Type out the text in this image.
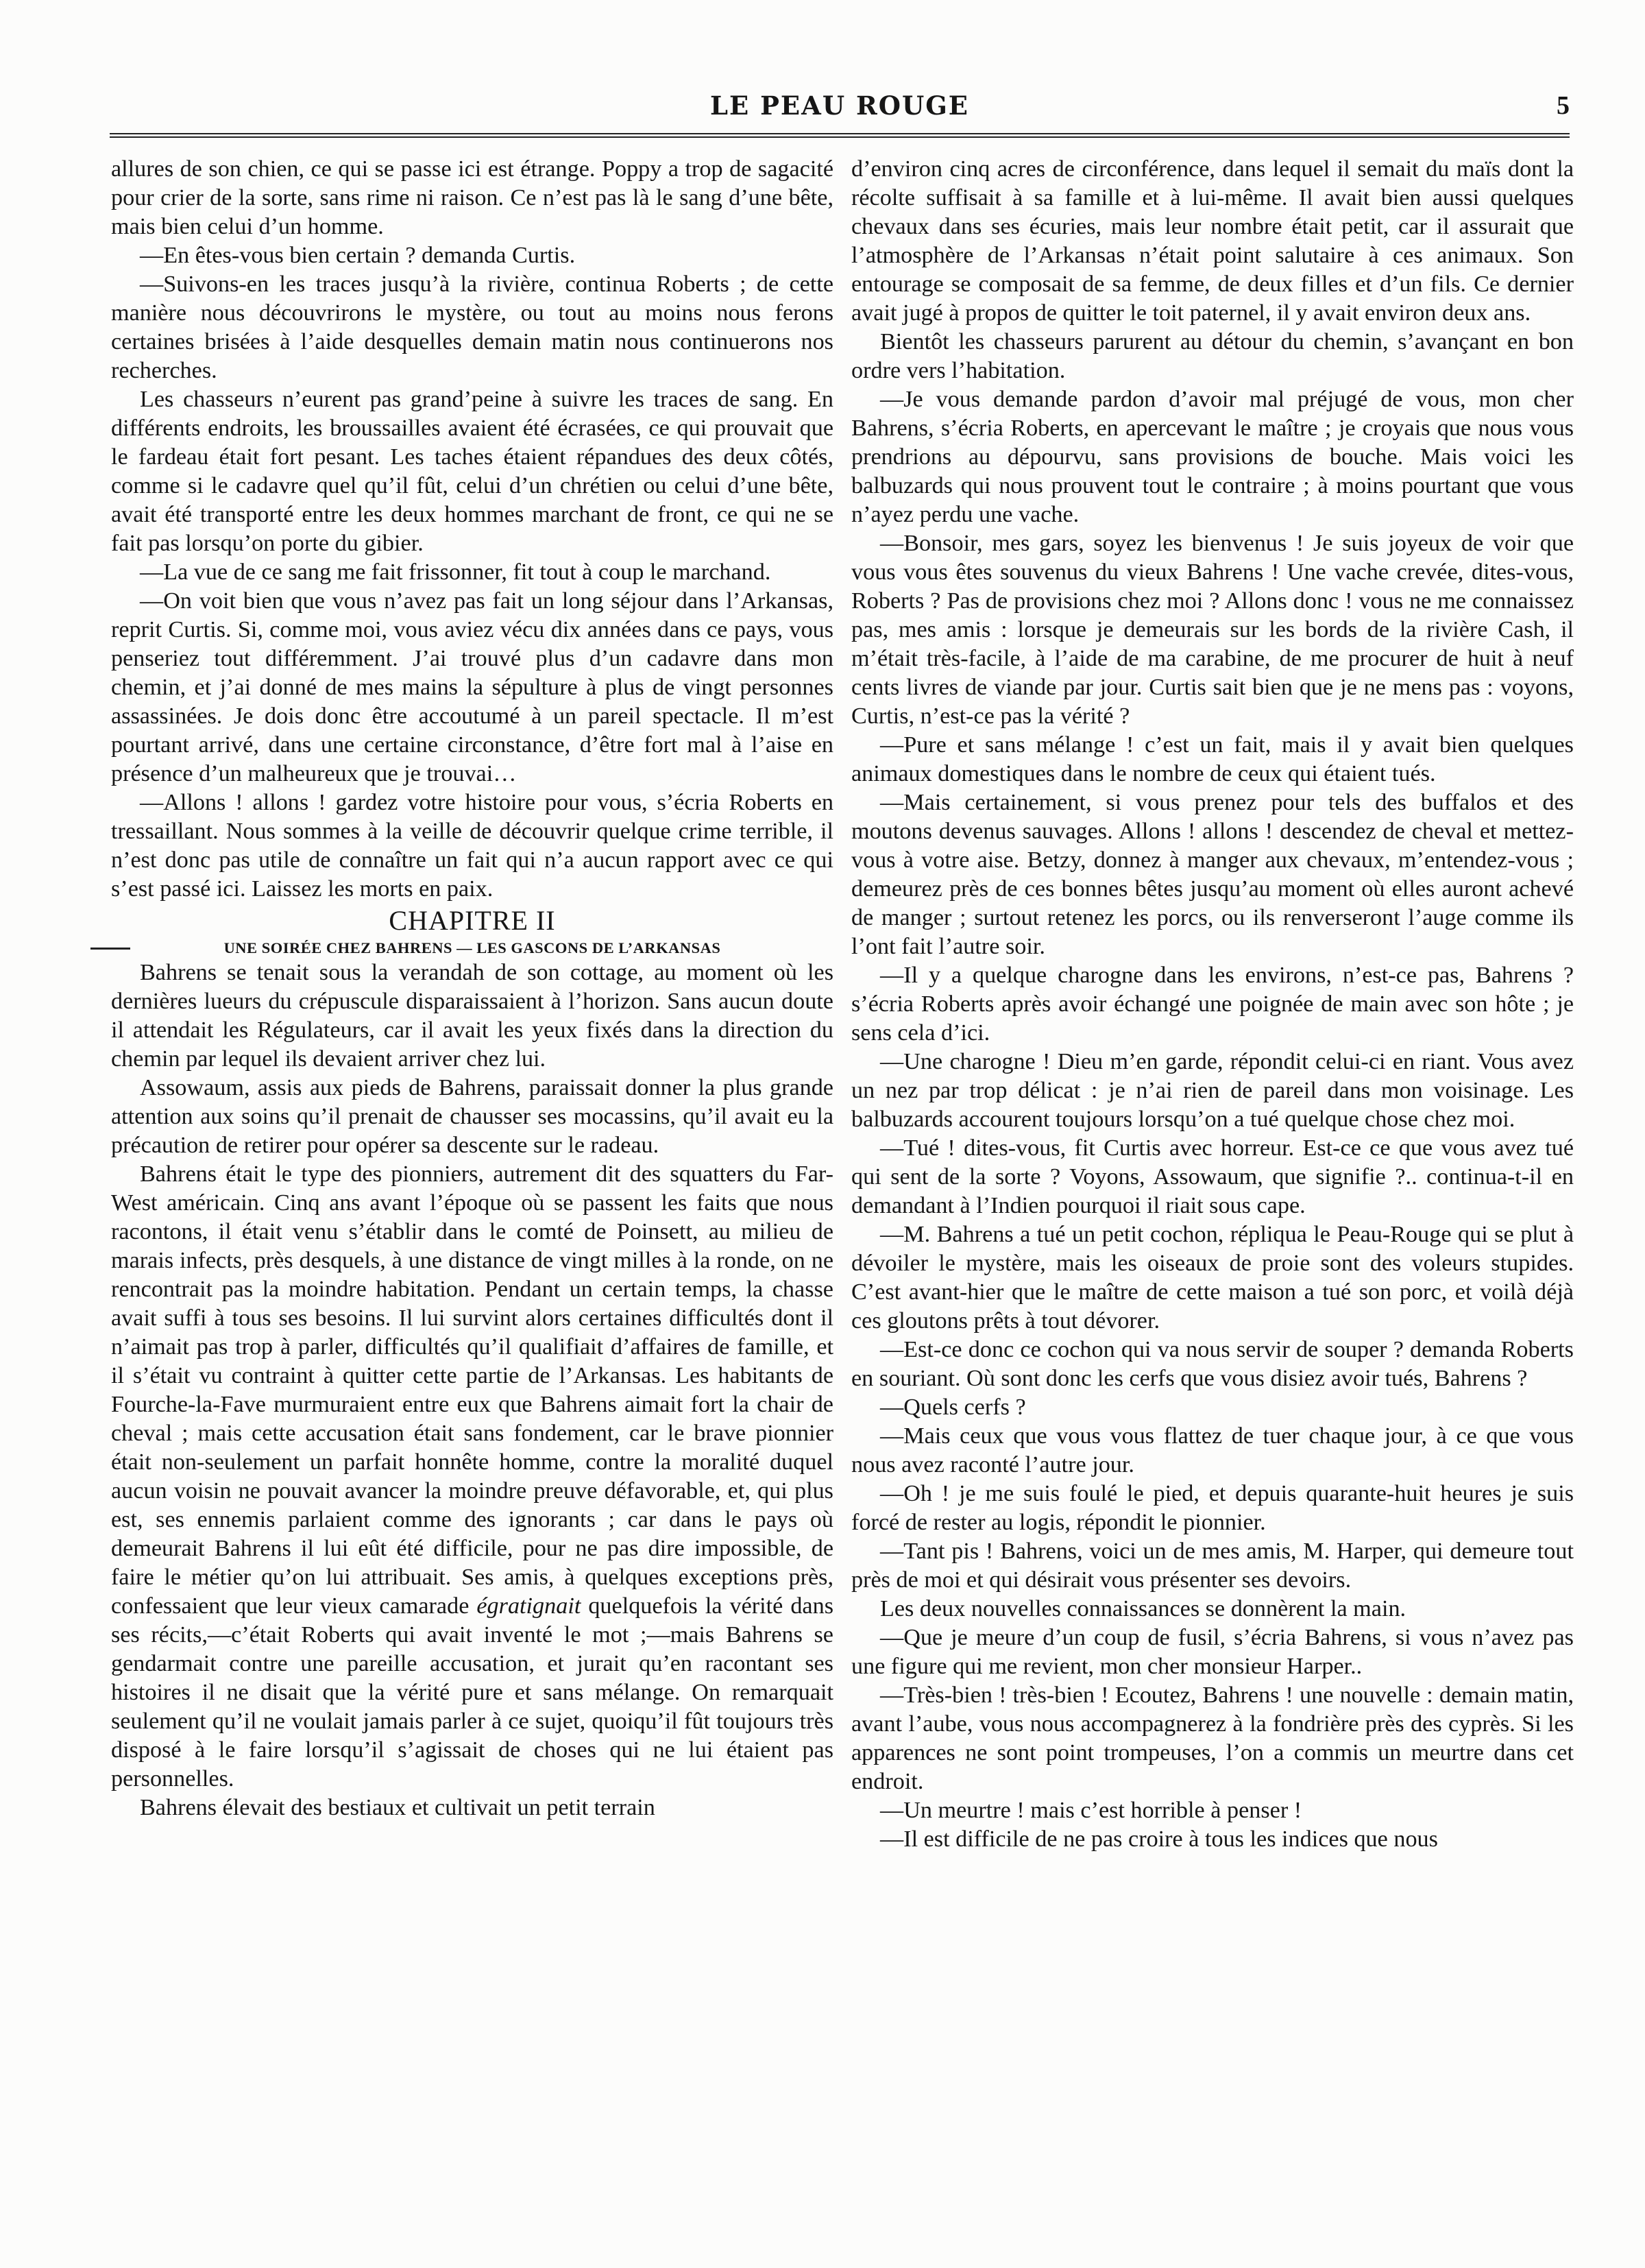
LE PEAU ROUGE	5

allures de son chien, ce qui se passe ici est étrange. Poppy a trop de sagacité pour crier de la sorte, sans rime ni raison. Ce n’est pas là le sang d’une bête, mais bien celui d’un homme.

—En êtes-vous bien certain ? demanda Curtis.

—Suivons-en les traces jusqu’à la rivière, continua Roberts ; de cette manière nous découvrirons le mystère, ou tout au moins nous ferons certaines brisées à l’aide desquelles demain matin nous continuerons nos recherches.

Les chasseurs n’eurent pas grand’peine à suivre les traces de sang. En différents endroits, les broussailles avaient été écrasées, ce qui prouvait que le fardeau était fort pesant. Les taches étaient répandues des deux côtés, comme si le cadavre quel qu’il fût, celui d’un chrétien ou celui d’une bête, avait été transporté entre les deux hommes marchant de front, ce qui ne se fait pas lorsqu’on porte du gibier.

—La vue de ce sang me fait frissonner, fit tout à coup le marchand.

—On voit bien que vous n’avez pas fait un long séjour dans l’Arkansas, reprit Curtis. Si, comme moi, vous aviez vécu dix années dans ce pays, vous penseriez tout différemment. J’ai trouvé plus d’un cadavre dans mon chemin, et j’ai donné de mes mains la sépulture à plus de vingt personnes assassinées. Je dois donc être accoutumé à un pareil spectacle. Il m’est pourtant arrivé, dans une certaine circonstance, d’être fort mal à l’aise en présence d’un malheureux que je trouvai…

—Allons ! allons ! gardez votre histoire pour vous, s’écria Roberts en tressaillant. Nous sommes à la veille de découvrir quelque crime terrible, il n’est donc pas utile de connaître un fait qui n’a aucun rapport avec ce qui s’est passé ici. Laissez les morts en paix.

CHAPITRE II

UNE SOIRÉE CHEZ BAHRENS — LES GASCONS DE L’ARKANSAS

Bahrens se tenait sous la verandah de son cottage, au moment où les dernières lueurs du crépuscule disparaissaient à l’horizon. Sans aucun doute il attendait les Régulateurs, car il avait les yeux fixés dans la direction du chemin par lequel ils devaient arriver chez lui.

Assowaum, assis aux pieds de Bahrens, paraissait donner la plus grande attention aux soins qu’il prenait de chausser ses mocassins, qu’il avait eu la précaution de retirer pour opérer sa descente sur le radeau.

Bahrens était le type des pionniers, autrement dit des squatters du Far-West américain. Cinq ans avant l’époque où se passent les faits que nous racontons, il était venu s’établir dans le comté de Poinsett, au milieu de marais infects, près desquels, à une distance de vingt milles à la ronde, on ne rencontrait pas la moindre habitation. Pendant un certain temps, la chasse avait suffi à tous ses besoins. Il lui survint alors certaines difficultés dont il n’aimait pas trop à parler, difficultés qu’il qualifiait d’affaires de famille, et il s’était vu contraint à quitter cette partie de l’Arkansas. Les habitants de Fourche-la-Fave murmuraient entre eux que Bahrens aimait fort la chair de cheval ; mais cette accusation était sans fondement, car le brave pionnier était non-seulement un parfait honnête homme, contre la moralité duquel aucun voisin ne pouvait avancer la moindre preuve défavorable, et, qui plus est, ses ennemis parlaient comme des ignorants ; car dans le pays où demeurait Bahrens il lui eût été difficile, pour ne pas dire impossible, de faire le métier qu’on lui attribuait. Ses amis, à quelques exceptions près, confessaient que leur vieux camarade égratignait quelquefois la vérité dans ses récits,—c’était Roberts qui avait inventé le mot ;—mais Bahrens se gendarmait contre une pareille accusation, et jurait qu’en racontant ses histoires il ne disait que la vérité pure et sans mélange. On remarquait seulement qu’il ne voulait jamais parler à ce sujet, quoiqu’il fût toujours très disposé à le faire lorsqu’il s’agissait de choses qui ne lui étaient pas personnelles.

Bahrens élevait des bestiaux et cultivait un petit terrain

d’environ cinq acres de circonférence, dans lequel il semait du maïs dont la récolte suffisait à sa famille et à lui-même. Il avait bien aussi quelques chevaux dans ses écuries, mais leur nombre était petit, car il assurait que l’atmosphère de l’Arkansas n’était point salutaire à ces animaux. Son entourage se composait de sa femme, de deux filles et d’un fils. Ce dernier avait jugé à propos de quitter le toit paternel, il y avait environ deux ans.

Bientôt les chasseurs parurent au détour du chemin, s’avançant en bon ordre vers l’habitation.

—Je vous demande pardon d’avoir mal préjugé de vous, mon cher Bahrens, s’écria Roberts, en apercevant le maître ; je croyais que nous vous prendrions au dépourvu, sans provisions de bouche. Mais voici les balbuzards qui nous prouvent tout le contraire ; à moins pourtant que vous n’ayez perdu une vache.

—Bonsoir, mes gars, soyez les bienvenus ! Je suis joyeux de voir que vous vous êtes souvenus du vieux Bahrens ! Une vache crevée, dites-vous, Roberts ? Pas de provisions chez moi ? Allons donc ! vous ne me connaissez pas, mes amis : lorsque je demeurais sur les bords de la rivière Cash, il m’était très-facile, à l’aide de ma carabine, de me procurer de huit à neuf cents livres de viande par jour. Curtis sait bien que je ne mens pas : voyons, Curtis, n’est-ce pas la vérité ?

—Pure et sans mélange ! c’est un fait, mais il y avait bien quelques animaux domestiques dans le nombre de ceux qui étaient tués.

—Mais certainement, si vous prenez pour tels des buffalos et des moutons devenus sauvages. Allons ! allons ! descendez de cheval et mettez-vous à votre aise. Betzy, donnez à manger aux chevaux, m’entendez-vous ; demeurez près de ces bonnes bêtes jusqu’au moment où elles auront achevé de manger ; surtout retenez les porcs, ou ils renverseront l’auge comme ils l’ont fait l’autre soir.

—Il y a quelque charogne dans les environs, n’est-ce pas, Bahrens ? s’écria Roberts après avoir échangé une poignée de main avec son hôte ; je sens cela d’ici.

—Une charogne ! Dieu m’en garde, répondit celui-ci en riant. Vous avez un nez par trop délicat : je n’ai rien de pareil dans mon voisinage. Les balbuzards accourent toujours lorsqu’on a tué quelque chose chez moi.

—Tué ! dites-vous, fit Curtis avec horreur. Est-ce ce que vous avez tué qui sent de la sorte ? Voyons, Assowaum, que signifie ?.. continua-t-il en demandant à l’Indien pourquoi il riait sous cape.

—M. Bahrens a tué un petit cochon, répliqua le Peau-Rouge qui se plut à dévoiler le mystère, mais les oiseaux de proie sont des voleurs stupides. C’est avant-hier que le maître de cette maison a tué son porc, et voilà déjà ces gloutons prêts à tout dévorer.

—Est-ce donc ce cochon qui va nous servir de souper ? demanda Roberts en souriant. Où sont donc les cerfs que vous disiez avoir tués, Bahrens ?

—Quels cerfs ?

—Mais ceux que vous vous flattez de tuer chaque jour, à ce que vous nous avez raconté l’autre jour.

—Oh ! je me suis foulé le pied, et depuis quarante-huit heures je suis forcé de rester au logis, répondit le pionnier.

—Tant pis ! Bahrens, voici un de mes amis, M. Harper, qui demeure tout près de moi et qui désirait vous présenter ses devoirs.

Les deux nouvelles connaissances se donnèrent la main.

—Que je meure d’un coup de fusil, s’écria Bahrens, si vous n’avez pas une figure qui me revient, mon cher monsieur Harper..

—Très-bien ! très-bien ! Ecoutez, Bahrens ! une nouvelle : demain matin, avant l’aube, vous nous accompagnerez à la fondrière près des cyprès. Si les apparences ne sont point trompeuses, l’on a commis un meurtre dans cet endroit.

—Un meurtre ! mais c’est horrible à penser !

—Il est difficile de ne pas croire à tous les indices que nous
